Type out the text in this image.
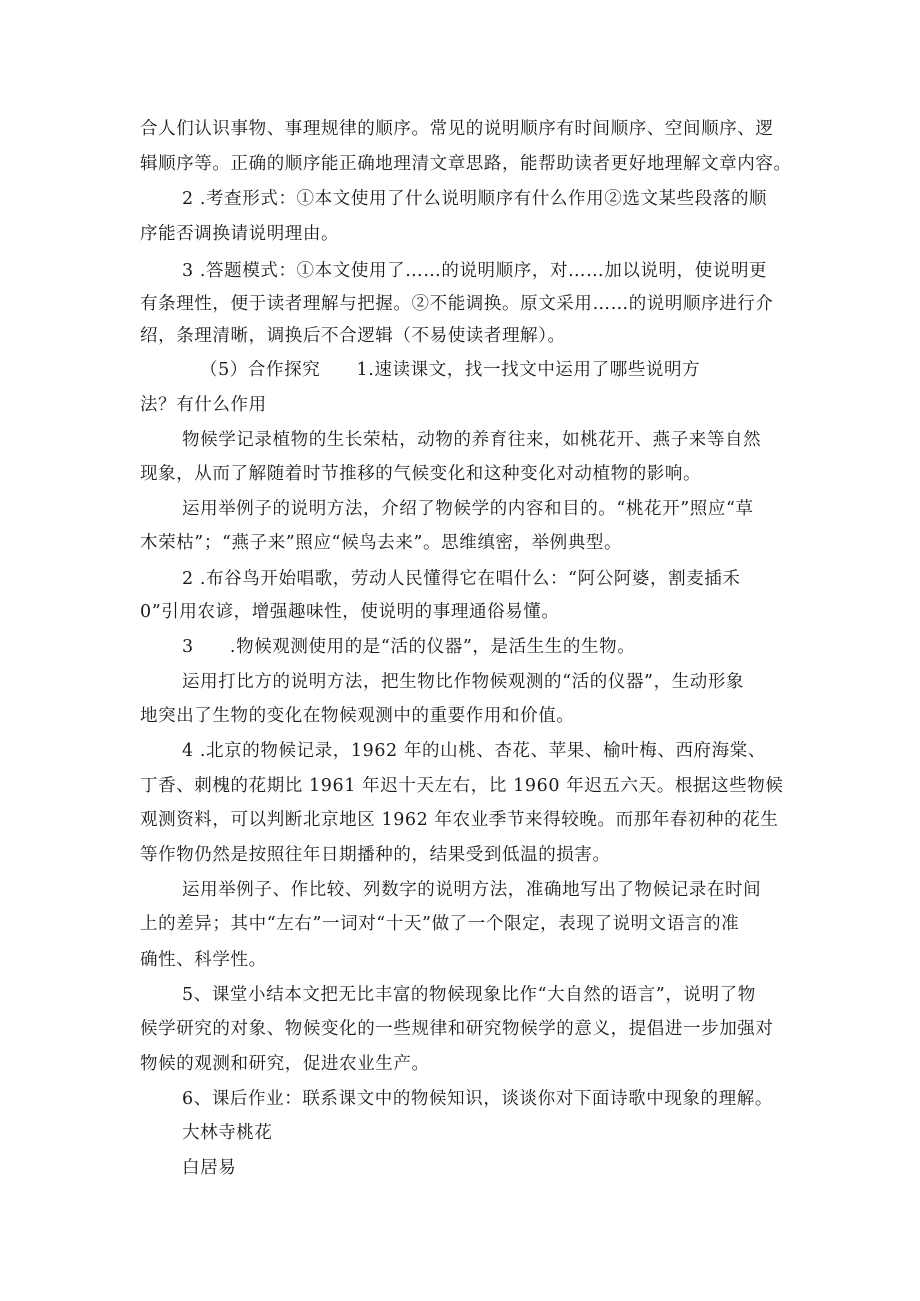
合人们认识事物、事理规律的顺序。常见的说明顺序有时间顺序、空间顺序、逻
辑顺序等。正确的顺序能正确地理清文章思路，能帮助读者更好地理解文章内容。
2 .考查形式：①本文使用了什么说明顺序有什么作用②选文某些段落的顺
序能否调换请说明理由。
3 .答题模式：①本文使用了……的说明顺序，对……加以说明，使说明更
有条理性，便于读者理解与把握。②不能调换。原文采用……的说明顺序进行介
绍，条理清晰，调换后不合逻辑（不易使读者理解）。
（5）合作探究　　1.速读课文，找一找文中运用了哪些说明方
法？有什么作用
物候学记录植物的生长荣枯，动物的养育往来，如桃花开、燕子来等自然
现象，从而了解随着时节推移的气候变化和这种变化对动植物的影响。
运用举例子的说明方法，介绍了物候学的内容和目的。“桃花开”照应“草
木荣枯”；“燕子来”照应“候鸟去来”。思维缜密，举例典型。
2 .布谷鸟开始唱歌，劳动人民懂得它在唱什么：“阿公阿婆，割麦插禾
0”引用农谚，增强趣味性，使说明的事理通俗易懂。
3　　.物候观测使用的是“活的仪器”，是活生生的生物。
运用打比方的说明方法，把生物比作物候观测的“活的仪器”，生动形象
地突出了生物的变化在物候观测中的重要作用和价值。
4 .北京的物候记录，1962 年的山桃、杏花、苹果、榆叶梅、西府海棠、
丁香、刺槐的花期比 1961 年迟十天左右，比 1960 年迟五六天。根据这些物候
观测资料，可以判断北京地区 1962 年农业季节来得较晚。而那年春初种的花生
等作物仍然是按照往年日期播种的，结果受到低温的损害。
运用举例子、作比较、列数字的说明方法，准确地写出了物候记录在时间
上的差异；其中“左右”一词对“十天”做了一个限定，表现了说明文语言的准
确性、科学性。
5、课堂小结本文把无比丰富的物候现象比作“大自然的语言”，说明了物
候学研究的对象、物候变化的一些规律和研究物候学的意义，提倡进一步加强对
物候的观测和研究，促进农业生产。
6、课后作业：联系课文中的物候知识，谈谈你对下面诗歌中现象的理解。
大林寺桃花
白居易
